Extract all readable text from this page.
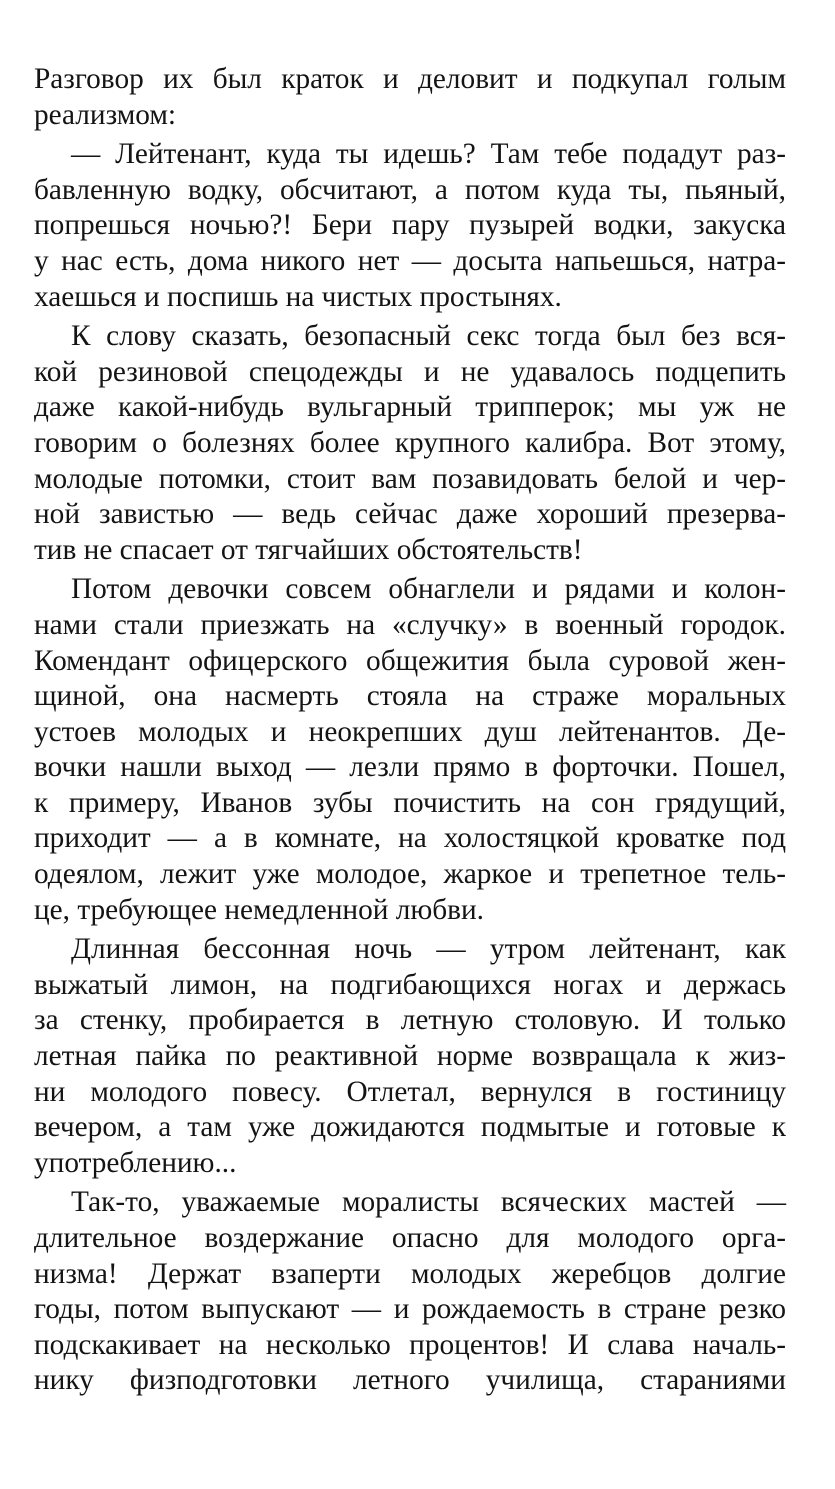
Разговор их был краток и деловит и подкупал голым
реализмом:
— Лейтенант, куда ты идешь? Там тебе подадут раз-
бавленную водку, обсчитают, а потом куда ты, пьяный,
попрешься ночью?! Бери пару пузырей водки, закуска
у нас есть, дома никого нет — досыта напьешься, натра-
хаешься и поспишь на чистых простынях.
К слову сказать, безопасный секс тогда был без вся-
кой резиновой спецодежды и не удавалось подцепить
даже какой-нибудь вульгарный трипперок; мы уж не
говорим о болезнях более крупного калибра. Вот этому,
молодые потомки, стоит вам позавидовать белой и чер-
ной завистью — ведь сейчас даже хороший презерва-
тив не спасает от тягчайших обстоятельств!
Потом девочки совсем обнаглели и рядами и колон-
нами стали приезжать на «случку» в военный городок.
Комендант офицерского общежития была суровой жен-
щиной, она насмерть стояла на страже моральных
устоев молодых и неокрепших душ лейтенантов. Де-
вочки нашли выход — лезли прямо в форточки. Пошел,
к примеру, Иванов зубы почистить на сон грядущий,
приходит — а в комнате, на холостяцкой кроватке под
одеялом, лежит уже молодое, жаркое и трепетное тель-
це, требующее немедленной любви.
Длинная бессонная ночь — утром лейтенант, как
выжатый лимон, на подгибающихся ногах и держась
за стенку, пробирается в летную столовую. И только
летная пайка по реактивной норме возвращала к жиз-
ни молодого повесу. Отлетал, вернулся в гостиницу
вечером, а там уже дожидаются подмытые и готовые к
употреблению...
Так-то, уважаемые моралисты всяческих мастей —
длительное воздержание опасно для молодого орга-
низма! Держат взаперти молодых жеребцов долгие
годы, потом выпускают — и рождаемость в стране резко
подскакивает на несколько процентов! И слава началь-
нику физподготовки летного училища, стараниями
